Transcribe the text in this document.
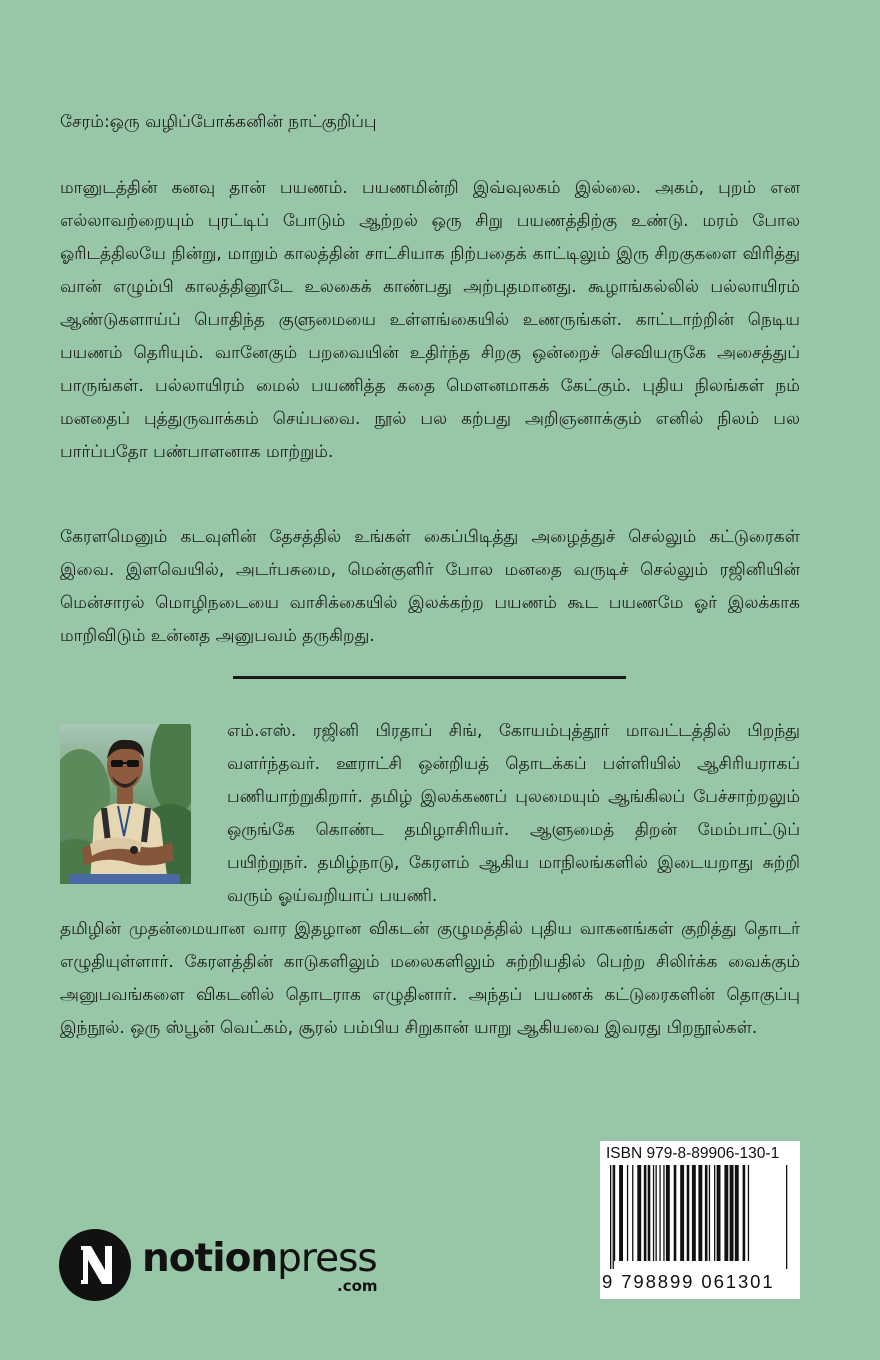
சேரம்:ஒரு வழிப்போக்கனின் நாட்குறிப்பு

மானுடத்தின் கனவு தான் பயணம். பயணமின்றி இவ்வுலகம் இல்லை. அகம், புறம் என எல்லாவற்றையும் புரட்டிப் போடும் ஆற்றல் ஒரு சிறு பயணத்திற்கு உண்டு. மரம் போல ஓரிடத்திலயே நின்று, மாறும் காலத்தின் சாட்சியாக நிற்பதைக் காட்டிலும் இரு சிறகுகளை விரித்து வான் எழும்பி காலத்தினூடே உலகைக் காண்பது அற்புதமானது. கூழாங்கல்லில் பல்லாயிரம் ஆண்டுகளாய்ப் பொதிந்த குளுமையை உள்ளங்கையில் உணருங்கள். காட்டாற்றின் நெடிய பயணம் தெரியும். வானேகும் பறவையின் உதிர்ந்த சிறகு ஒன்றைச் செவியருகே அசைத்துப் பாருங்கள். பல்லாயிரம் மைல் பயணித்த கதை மௌனமாகக் கேட்கும். புதிய நிலங்கள் நம் மனதைப் புத்துருவாக்கம் செய்பவை. நூல் பல கற்பது அறிஞனாக்கும் எனில் நிலம் பல பார்ப்பதோ பண்பாளனாக மாற்றும்.

கேரளமெனும் கடவுளின் தேசத்தில் உங்கள் கைப்பிடித்து அழைத்துச் செல்லும் கட்டுரைகள் இவை. இளவெயில், அடர்பசுமை, மென்குளிர் போல மனதை வருடிச் செல்லும் ரஜினியின் மென்சாரல் மொழிநடையை வாசிக்கையில் இலக்கற்ற பயணம் கூட பயணமே ஓர் இலக்காக மாறிவிடும் உன்னத அனுபவம் தருகிறது.

எம்.எஸ். ரஜினி பிரதாப் சிங், கோயம்புத்தூர் மாவட்டத்தில் பிறந்து வளர்ந்தவர். ஊராட்சி ஒன்றியத் தொடக்கப் பள்ளியில் ஆசிரியராகப் பணியாற்றுகிறார். தமிழ் இலக்கணப் புலமையும் ஆங்கிலப் பேச்சாற்றலும் ஒருங்கே கொண்ட தமிழாசிரியர். ஆளுமைத் திறன் மேம்பாட்டுப் பயிற்றுநர். தமிழ்நாடு, கேரளம் ஆகிய மாநிலங்களில் இடையறாது சுற்றி வரும் ஓய்வறியாப் பயணி.

தமிழின் முதன்மையான வார இதழான விகடன் குழுமத்தில் புதிய வாகனங்கள் குறித்து தொடர் எழுதியுள்ளார். கேரளத்தின் காடுகளிலும் மலைகளிலும் சுற்றியதில் பெற்ற சிலிர்க்க வைக்கும் அனுபவங்களை விகடனில் தொடராக எழுதினார். அந்தப் பயணக் கட்டுரைகளின் தொகுப்பு இந்நூல். ஒரு ஸ்பூன் வெட்கம், சூரல் பம்பிய சிறுகான் யாறு ஆகியவை இவரது பிறநூல்கள்.

ISBN 979-8-89906-130-1
9 798899 061301
notionpress
.com
